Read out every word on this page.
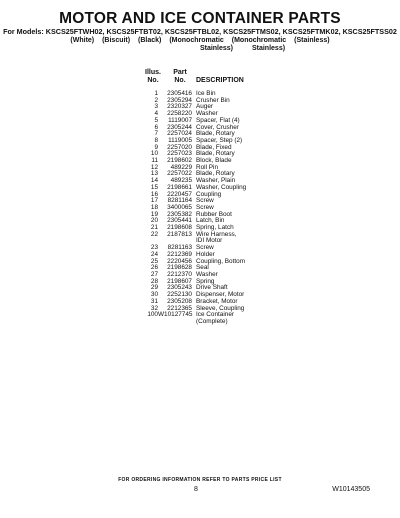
MOTOR AND ICE CONTAINER PARTS
For Models: KSCS25FTWH02, KSCS25FTBT02, KSCS25FTBL02, KSCS25FTMS02, KSCS25FTMK02, KSCS25FTSS02
(White) (Biscuit) (Black) (Monochromatic (Monochromatic (Stainless)
Stainless)	Stainless)
Illus.
No.
Part
No.	DESCRIPTION
1	2305416 Ice Bin
2	2305294 Crusher Bin
3	2320327 Auger
4	2258220 Washer
5	1119007 Spacer, Flat (4)
6	2305244 Cover, Crusher
7	2257024 Blade, Rotary
8	1119005 Spacer, Step (2)
9	2257020 Blade, Fixed
10	2257023 Blade, Rotary
11	2198602 Block, Blade
12	489229 Roll Pin
13	2257022 Blade, Rotary
14	489235 Washer, Plain
15	2198661 Washer, Coupling
16	2220457 Coupling
17	8281164 Screw
18	3400065 Screw
19	2305382 Rubber Boot
20	2305441 Latch, Bin
21	2198608 Spring, Latch
22	2187813 Wire Harness,
IDI Motor
23	8281163 Screw
24	2212369 Holder
25	2220456 Coupling, Bottom
26	2198628 Seal
27	2212370 Washer
28	2198607 Spring
29	2305243 Drive Shaft
30	2252130 Dispenser, Motor
31	2305208 Bracket, Motor
32	2212365 Sleeve, Coupling
100 W10127745 Ice Container
(Complete)
FOR ORDERING INFORMATION REFER TO PARTS PRICE LIST
8	W10143505
